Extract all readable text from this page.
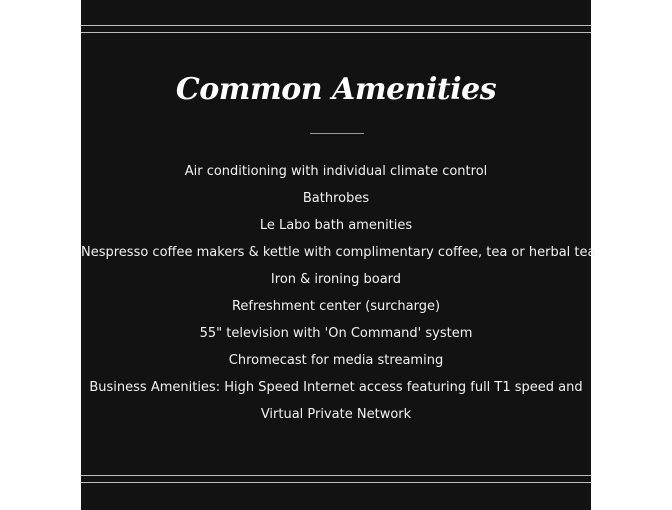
Common Amenities
Air conditioning with individual climate control
Bathrobes
Le Labo bath amenities
Nespresso coffee makers & kettle with complimentary coffee, tea or herbal tea
Iron & ironing board
Refreshment center (surcharge)
55" television with 'On Command' system
Chromecast for media streaming
Business Amenities: High Speed Internet access featuring full T1 speed and
Virtual Private Network
